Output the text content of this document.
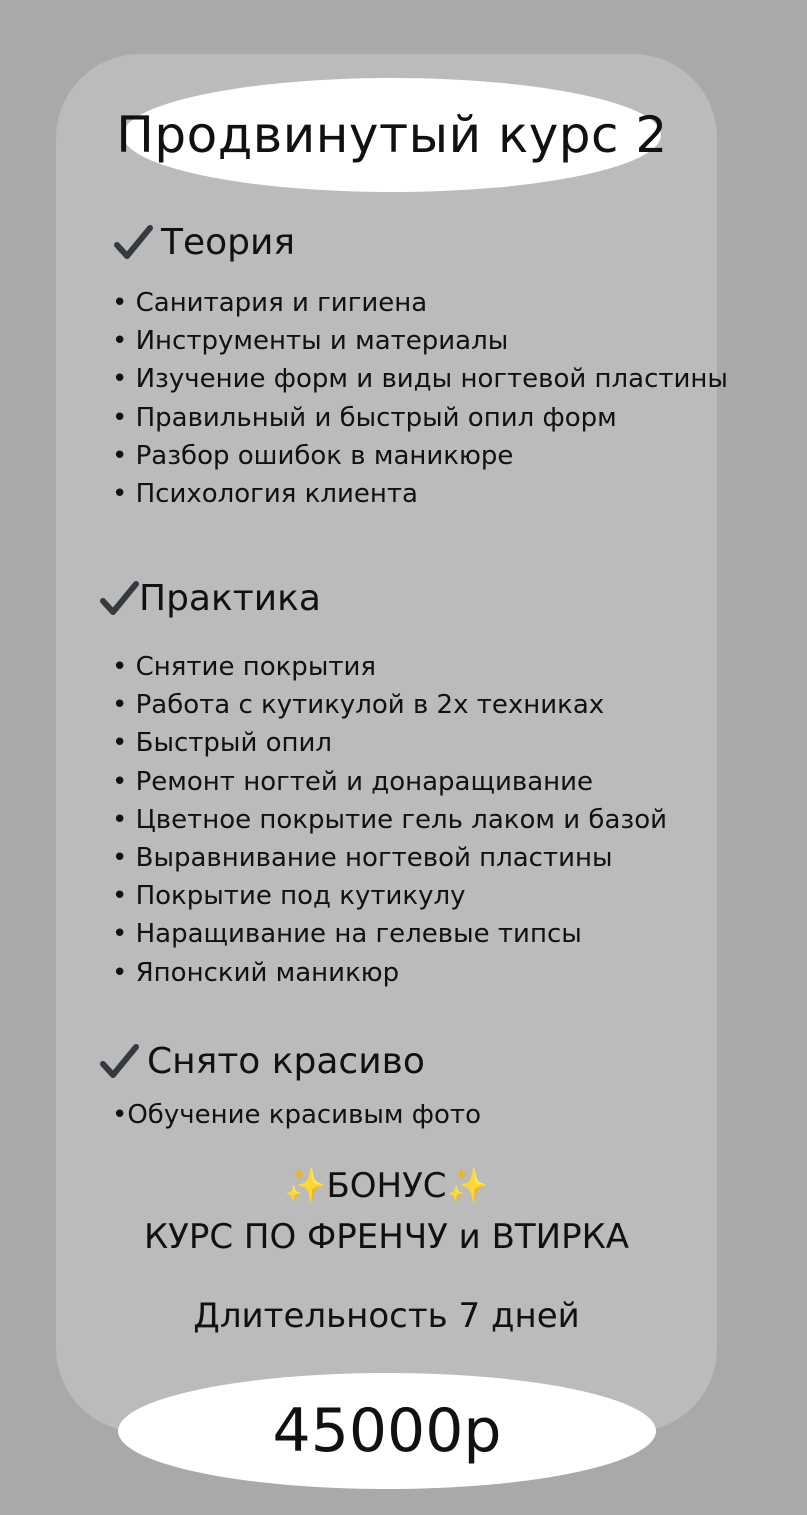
Продвинутый курс 2
Теория
• Санитария и гигиена
• Инструменты и материалы
• Изучение форм и виды ногтевой пластины
• Правильный и быстрый опил форм
• Разбор ошибок в маникюре
• Психология клиента
Практика
• Снятие покрытия
• Работа с кутикулой в 2х техниках
• Быстрый опил
• Ремонт ногтей и донаращивание
• Цветное покрытие гель лаком и базой
• Выравнивание ногтевой пластины
• Покрытие под кутикулу
• Наращивание на гелевые типсы
• Японский маникюр
Снято красиво
•Обучение красивым фото
✨БОНУС✨
КУРС ПО ФРЕНЧУ и ВТИРКА
Длительность 7 дней
45000р
